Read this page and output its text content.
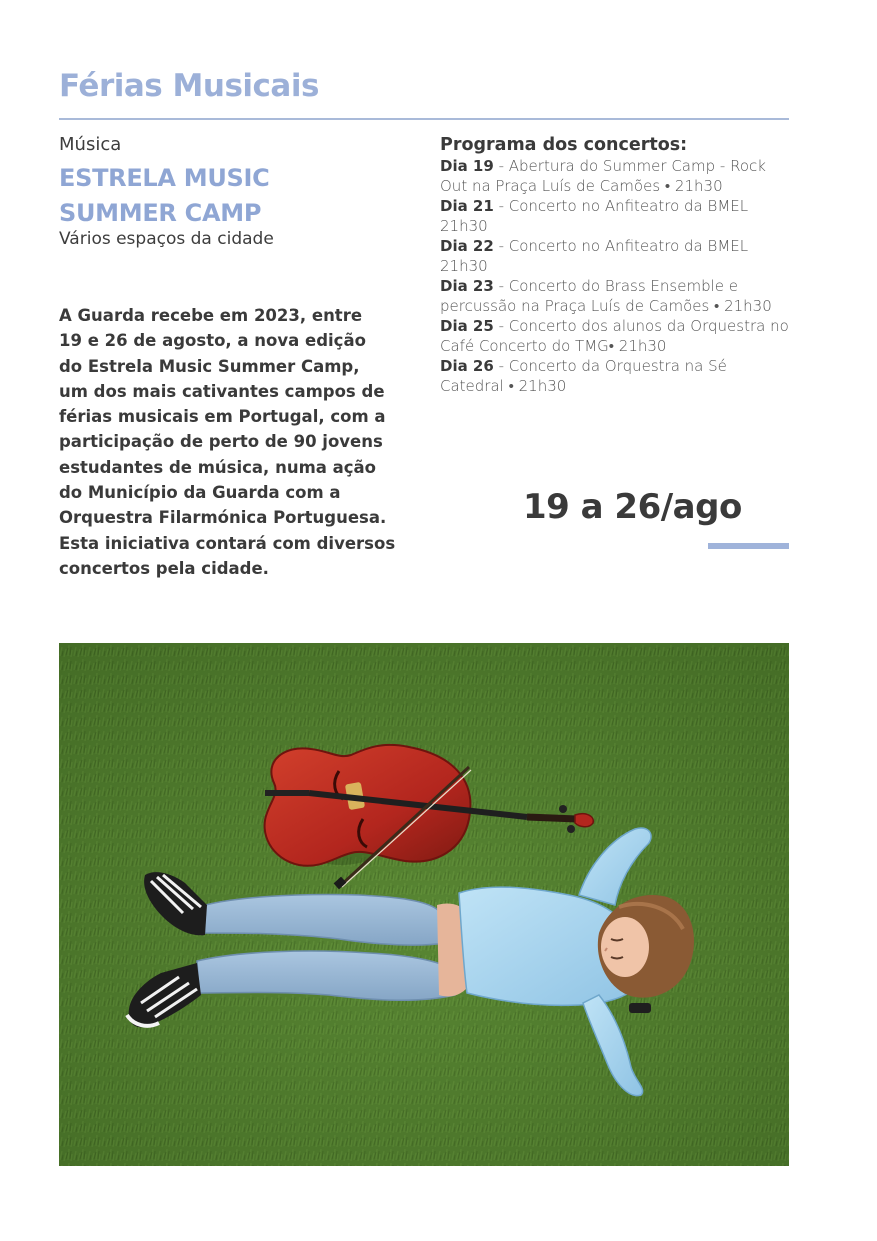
Férias Musicais
Música
ESTRELA MUSIC
SUMMER CAMP
Vários espaços da cidade

A Guarda recebe em 2023, entre
19 e 26 de agosto, a nova edição
do Estrela Music Summer Camp,
um dos mais cativantes campos de
férias musicais em Portugal, com a
participação de perto de 90 jovens
estudantes de música, numa ação
do Município da Guarda com a
Orquestra Filarmónica Portuguesa.
Esta iniciativa contará com diversos
concertos pela cidade.

Programa dos concertos:
Dia 19 - Abertura do Summer Camp - Rock Out na Praça Luís de Camões • 21h30
Dia 21 - Concerto no Anfiteatro da BMEL 21h30
Dia 22 - Concerto no Anfiteatro da BMEL 21h30
Dia 23 - Concerto do Brass Ensemble e percussão na Praça Luís de Camões • 21h30
Dia 25 - Concerto dos alunos da Orquestra no Café Concerto do TMG• 21h30
Dia 26 - Concerto da Orquestra na Sé Catedral • 21h30
19 a 26/ago
